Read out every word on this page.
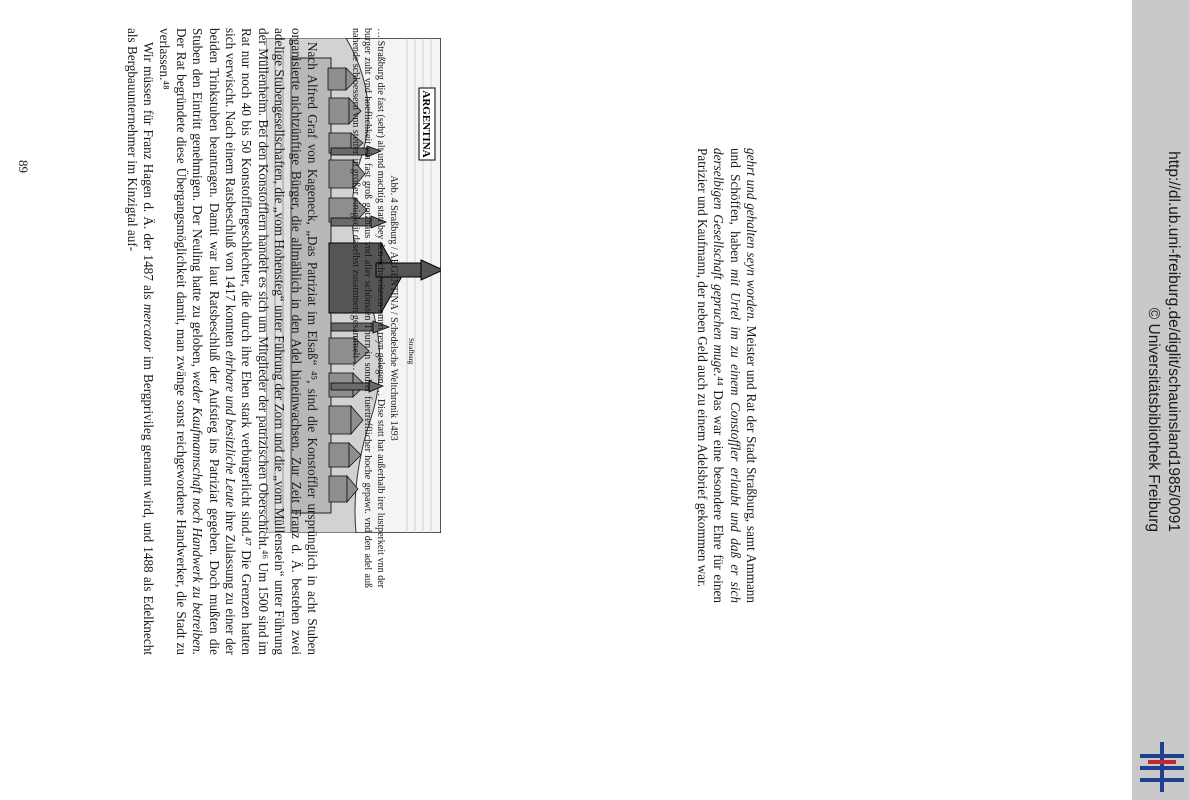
gehrt und gehalten seyn worden. Meister und Rat der Stadt Straßburg, samt Ammann und Schöffen, haben mit Urtel im zu einem Constoffler erlaubt und daß er sich derselbigen Gesellschaft gepruchen muge.⁴⁴ Das war eine besondere Ehre für einen Patrizier und Kaufmann, der neben Geld auch zu einem Adelsbrief gekommen war.

ARGENTINA
Strafburg

Abb. 4 Straßburg / ARGENTINA / Schedelsche Weltchronik 1493

… Straßburg die fast (sehr) alt und machtig statt bey den schweitzern amm reyn gelegen … Dise statt hat außerhalb irer lustperkeit vnn der burger zuht vnd hoeflichkeit ein fast groß gotzhaus vnd aller schönsten Thurn in sondrer fuertrefflicher hoche gepawt. vnd den adel auß nahende schloessern vnn stetten in großer einigkeit daselbst zusammen gesammelt …

Nach Alfred Graf von Kageneck, „Das Patriziat im Elsaß“ ⁴⁵, sind die Konstoffler ursprünglich in acht Stuben organisierte nichtzünftige Bürger, die allmählich in den Adel hineinwachsen. Zur Zeit Franz d. Ä. bestehen zwei adelige Stubengesellschaften, die „vom Hohensteg“ unter Führung der Zorn und die „vom Müllenstein“ unter Führung der Müllenheim. Bei den Konstofflern handelt es sich um Mitglieder der patrizischen Oberschicht.⁴⁶ Um 1500 sind im Rat nur noch 40 bis 50 Konstofflergeschlechter, die durch ihre Ehen stark verbürgerlicht sind.⁴⁷ Die Grenzen hatten sich verwischt. Nach einem Ratsbeschluß von 1417 konnten ehrbare und besitzliche Leute ihre Zulassung zu einer der beiden Trinkstuben beantragen. Damit war laut Ratsbeschluß der Aufstieg ins Patriziat gegeben. Doch mußten die Stuben den Eintritt genehmigen. Der Neuling hatte zu geloben, weder Kaufmannschaft noch Handwerk zu betreiben. Der Rat begründete diese Übergangsmöglichkeit damit, man zwänge sonst reichgewordene Handwerker, die Stadt zu verlassen.⁴⁸

Wir müssen für Franz Hagen d. Ä. der 1487 als mercator im Bergprivileg genannt wird, und 1488 als Edelknecht als Bergbauunternehmer im Kinzigtal auf-

89	http://dl.ub.uni-freiburg.de/diglit/schauinsland1985/0091
© Universitätsbibliothek Freiburg
